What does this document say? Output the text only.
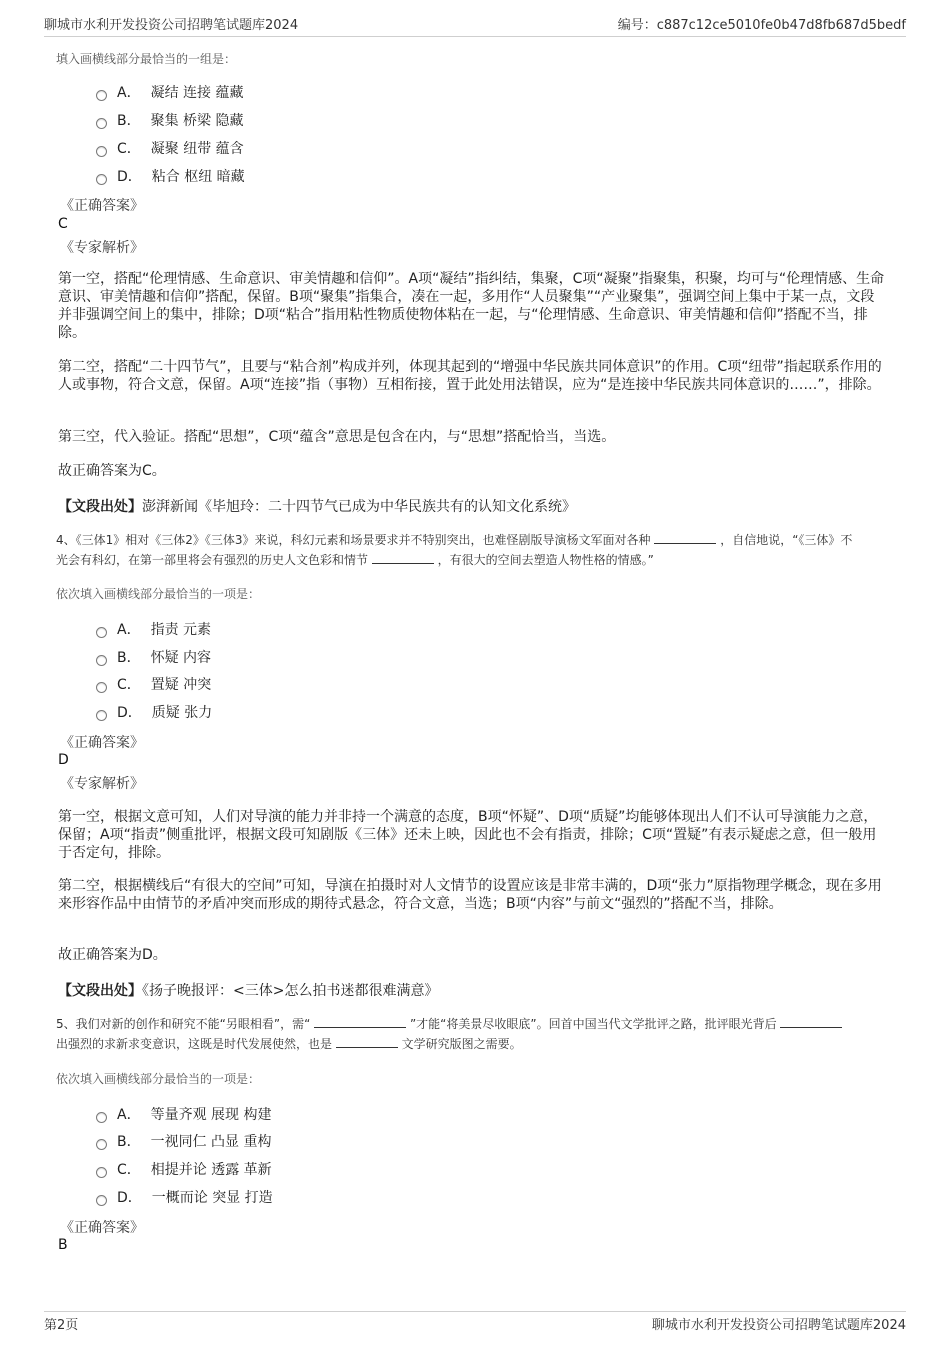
聊城市水利开发投资公司招聘笔试题库2024	编号：c887c12ce5010fe0b47d8fb687d5bedf
填入画横线部分最恰当的一组是：
A． 凝结 连接 蕴藏
B． 聚集 桥梁 隐藏
C． 凝聚 纽带 蕴含
D． 粘合 枢纽 暗藏
《正确答案》
C
《专家解析》
第一空，搭配“伦理情感、生命意识、审美情趣和信仰”。A项“凝结”指纠结，集聚，C项“凝聚”指聚集，积聚，均可与“伦理情感、生命意识、审美情趣和信仰”搭配，保留。B项“聚集”指集合，凑在一起，多用作“人员聚集”“产业聚集”，强调空间上集中于某一点，文段并非强调空间上的集中，排除；D项“粘合”指用粘性物质使物体粘在一起，与“伦理情感、生命意识、审美情趣和信仰”搭配不当，排除。
第二空，搭配“二十四节气”，且要与“粘合剂”构成并列，体现其起到的“增强中华民族共同体意识”的作用。C项“纽带”指起联系作用的人或事物，符合文意，保留。A项“连接”指（事物）互相衔接，置于此处用法错误，应为“是连接中华民族共同体意识的……”，排除。
第三空，代入验证。搭配“思想”，C项“蕴含”意思是包含在内，与“思想”搭配恰当，当选。
故正确答案为C。
【文段出处】澎湃新闻《毕旭玲：二十四节气已成为中华民族共有的认知文化系统》
4、《三体1》相对《三体2》《三体3》来说，科幻元素和场景要求并不特别突出，也难怪剧版导演杨文军面对各种	，自信地说，“《三体》不光会有科幻，在第一部里将会有强烈的历史人文色彩和情节	，有很大的空间去塑造人物性格的情感。”
依次填入画横线部分最恰当的一项是：
A． 指责 元素
B． 怀疑 内容
C． 置疑 冲突
D． 质疑 张力
《正确答案》
D
《专家解析》
第一空，根据文意可知，人们对导演的能力并非持一个满意的态度，B项“怀疑”、D项“质疑”均能够体现出人们不认可导演能力之意，保留；A项“指责”侧重批评，根据文段可知剧版《三体》还未上映，因此也不会有指责，排除；C项“置疑”有表示疑虑之意，但一般用于否定句，排除。
第二空，根据横线后“有很大的空间”可知，导演在拍摄时对人文情节的设置应该是非常丰满的，D项“张力”原指物理学概念，现在多用来形容作品中由情节的矛盾冲突而形成的期待式悬念，符合文意，当选；B项“内容”与前文“强烈的”搭配不当，排除。
故正确答案为D。
【文段出处】《扬子晚报评：<三体>怎么拍书迷都很难满意》
5、我们对新的创作和研究不能“另眼相看”，需“	”才能“将美景尽收眼底”。回首中国当代文学批评之路，批评眼光背后  出强烈的求新求变意识，这既是时代发展使然，也是	文学研究版图之需要。
依次填入画横线部分最恰当的一项是：
A． 等量齐观 展现 构建
B． 一视同仁 凸显 重构
C． 相提并论 透露 革新
D． 一概而论 突显 打造
《正确答案》
B
第2页	聊城市水利开发投资公司招聘笔试题库2024
